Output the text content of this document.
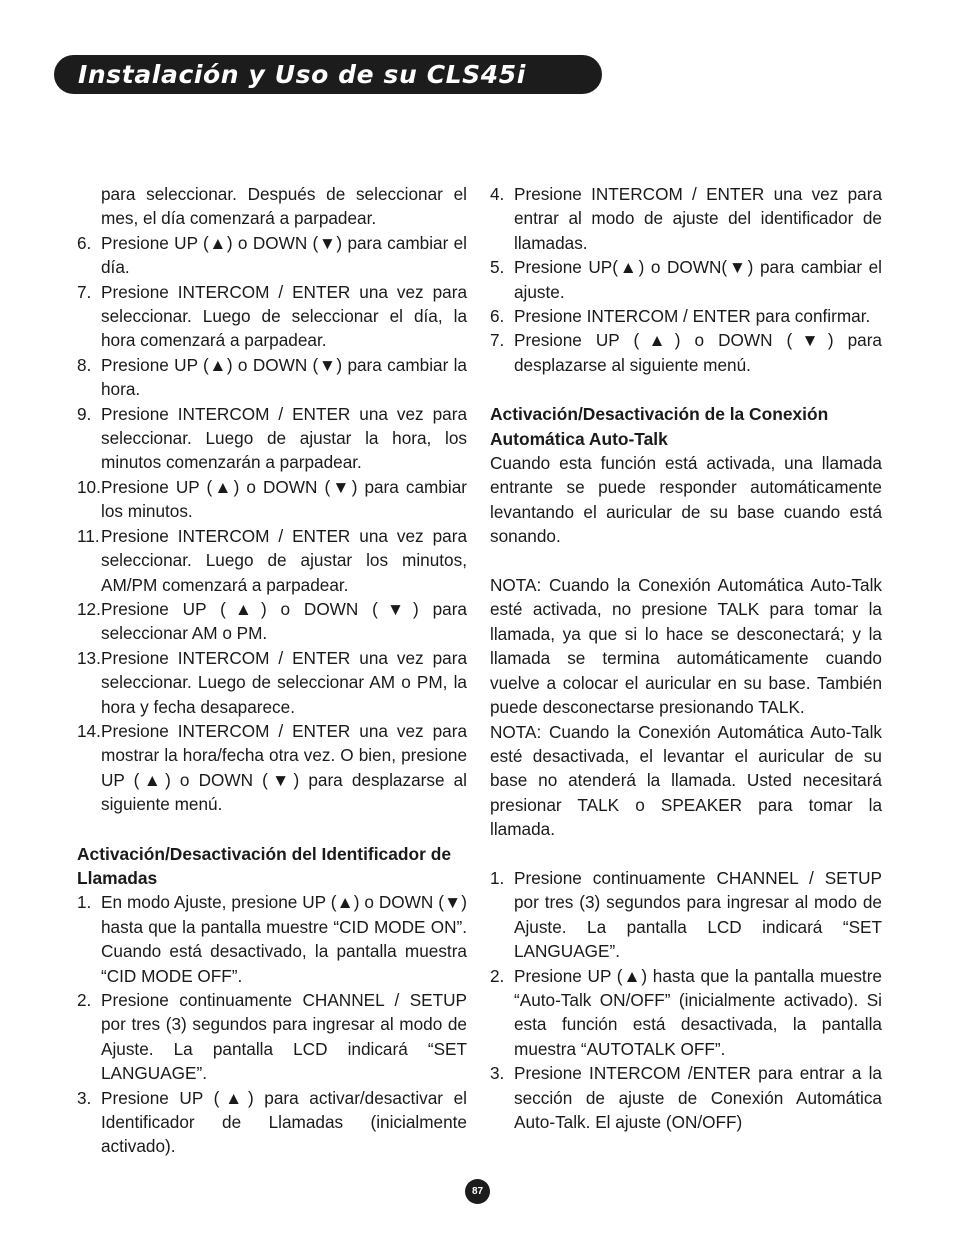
Instalación y Uso de su CLS45i
para seleccionar. Después de seleccionar el mes, el día comenzará a parpadear.
6. Presione UP (▲) o DOWN (▼) para cambiar el día.
7. Presione INTERCOM / ENTER una vez para seleccionar. Luego de seleccionar el día, la hora comenzará a parpadear.
8. Presione UP (▲) o DOWN (▼) para cambiar la hora.
9. Presione INTERCOM / ENTER una vez para seleccionar. Luego de ajustar la hora, los minutos comenzarán a parpadear.
10. Presione UP (▲) o DOWN (▼) para cambiar los minutos.
11. Presione INTERCOM / ENTER una vez para seleccionar. Luego de ajustar los minutos, AM/PM comenzará a parpadear.
12. Presione UP (▲) o DOWN (▼) para seleccionar AM o PM.
13. Presione INTERCOM / ENTER una vez para seleccionar. Luego de seleccionar AM o PM, la hora y fecha desaparece.
14. Presione INTERCOM / ENTER una vez para mostrar la hora/fecha otra vez. O bien, presione UP (▲) o DOWN (▼) para desplazarse al siguiente menú.
Activación/Desactivación del Identificador de Llamadas
1. En modo Ajuste, presione UP (▲) o DOWN (▼) hasta que la pantalla muestre “CID MODE ON”. Cuando está desactivado, la pantalla muestra “CID MODE OFF”.
2. Presione continuamente CHANNEL / SETUP por tres (3) segundos para ingresar al modo de Ajuste. La pantalla LCD indicará “SET LANGUAGE”.
3. Presione UP (▲) para activar/desactivar el Identificador de Llamadas (inicialmente activado).
4. Presione INTERCOM / ENTER una vez para entrar al modo de ajuste del identificador de llamadas.
5. Presione UP(▲) o DOWN(▼) para cambiar el ajuste.
6. Presione INTERCOM / ENTER para confirmar.
7. Presione UP (▲) o DOWN (▼) para desplazarse al siguiente menú.
Activación/Desactivación de la Conexión Automática Auto-Talk
Cuando esta función está activada, una llamada entrante se puede responder automáticamente levantando el auricular de su base cuando está sonando.
NOTA: Cuando la Conexión Automática Auto-Talk esté activada, no presione TALK para tomar la llamada, ya que si lo hace se desconectará; y la llamada se termina automáticamente cuando vuelve a colocar el auricular en su base. También puede desconectarse presionando TALK.
NOTA: Cuando la Conexión Automática Auto-Talk esté desactivada, el levantar el auricular de su base no atenderá la llamada. Usted necesitará presionar TALK o SPEAKER para tomar la llamada.
1. Presione continuamente CHANNEL / SETUP por tres (3) segundos para ingresar al modo de Ajuste. La pantalla LCD indicará “SET LANGUAGE”.
2. Presione UP (▲) hasta que la pantalla muestre “Auto-Talk ON/OFF” (inicialmente activado). Si esta función está desactivada, la pantalla muestra “AUTOTALK OFF”.
3. Presione INTERCOM /ENTER para entrar a la sección de ajuste de Conexión Automática Auto-Talk. El ajuste (ON/OFF)
87
